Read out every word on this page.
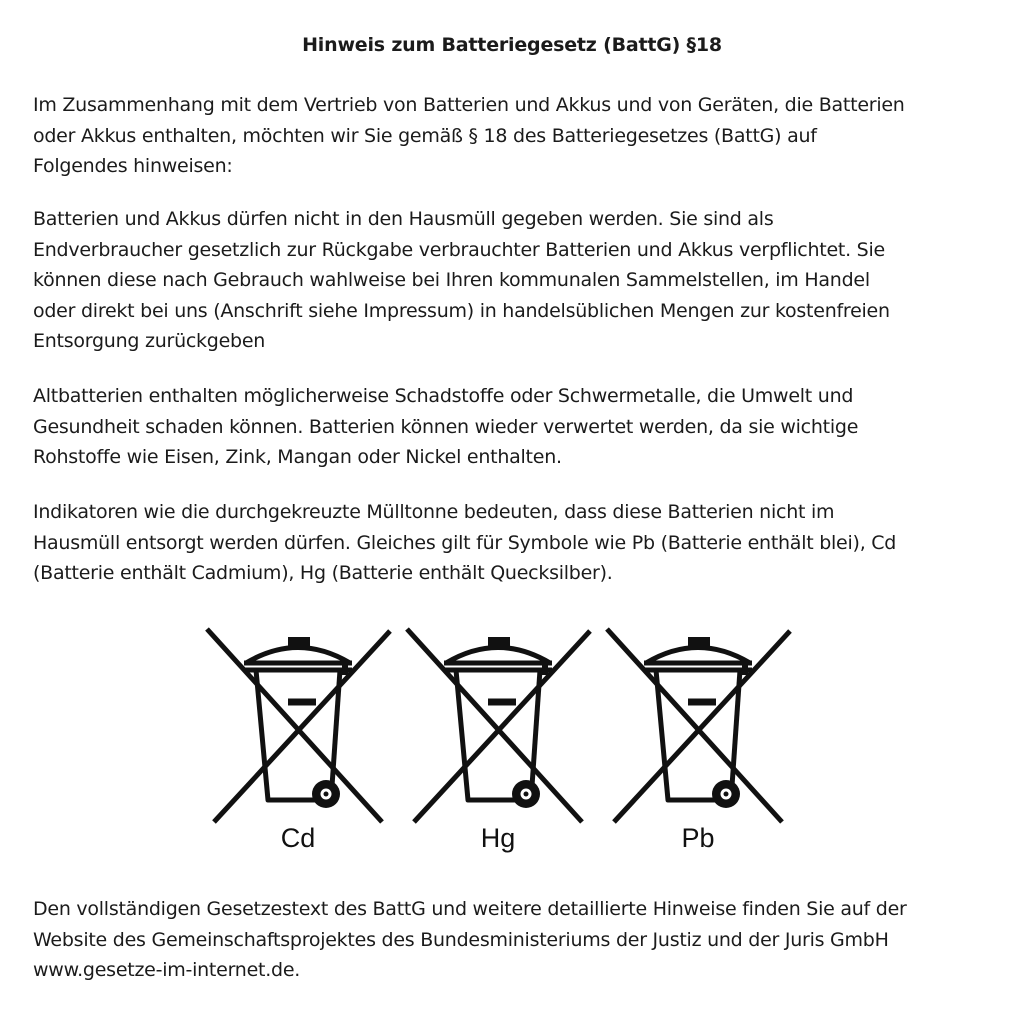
Hinweis zum Batteriegesetz (BattG) §18

Im Zusammenhang mit dem Vertrieb von Batterien und Akkus und von Geräten, die Batterien
oder Akkus enthalten, möchten wir Sie gemäß § 18 des Batteriegesetzes (BattG) auf
Folgendes hinweisen:

Batterien und Akkus dürfen nicht in den Hausmüll gegeben werden. Sie sind als
Endverbraucher gesetzlich zur Rückgabe verbrauchter Batterien und Akkus verpflichtet. Sie
können diese nach Gebrauch wahlweise bei Ihren kommunalen Sammelstellen, im Handel
oder direkt bei uns (Anschrift siehe Impressum) in handelsüblichen Mengen zur kostenfreien
Entsorgung zurückgeben

Altbatterien enthalten möglicherweise Schadstoffe oder Schwermetalle, die Umwelt und
Gesundheit schaden können. Batterien können wieder verwertet werden, da sie wichtige
Rohstoffe wie Eisen, Zink, Mangan oder Nickel enthalten.

Indikatoren wie die durchgekreuzte Mülltonne bedeuten, dass diese Batterien nicht im
Hausmüll entsorgt werden dürfen. Gleiches gilt für Symbole wie Pb (Batterie enthält blei), Cd
(Batterie enthält Cadmium), Hg (Batterie enthält Quecksilber).

Cd	Hg	Pb

Den vollständigen Gesetzestext des BattG und weitere detaillierte Hinweise finden Sie auf der
Website des Gemeinschaftsprojektes des Bundesministeriums der Justiz und der Juris GmbH
www.gesetze-im-internet.de.
